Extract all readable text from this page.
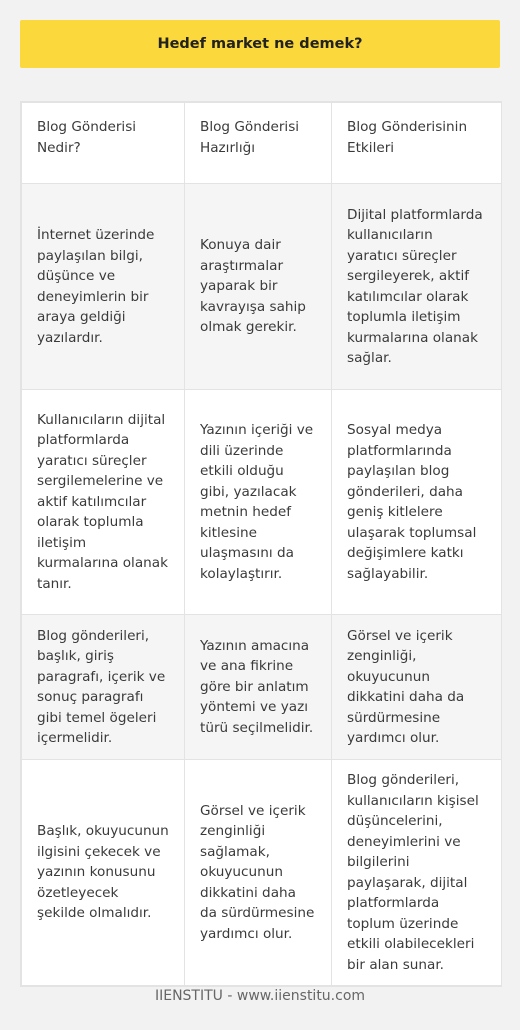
Hedef market ne demek?
Blog Gönderisi Nedir?	Blog Gönderisi Hazırlığı	Blog Gönderisinin Etkileri
İnternet üzerinde paylaşılan bilgi, düşünce ve deneyimlerin bir araya geldiği yazılardır.	Konuya dair araştırmalar yaparak bir kavrayışa sahip olmak gerekir.	Dijital platformlarda kullanıcıların yaratıcı süreçler sergileyerek, aktif katılımcılar olarak toplumla iletişim kurmalarına olanak sağlar.
Kullanıcıların dijital platformlarda yaratıcı süreçler sergilemelerine ve aktif katılımcılar olarak toplumla iletişim kurmalarına olanak tanır.	Yazının içeriği ve dili üzerinde etkili olduğu gibi, yazılacak metnin hedef kitlesine ulaşmasını da kolaylaştırır.	Sosyal medya platformlarında paylaşılan blog gönderileri, daha geniş kitlelere ulaşarak toplumsal değişimlere katkı sağlayabilir.
Blog gönderileri, başlık, giriş paragrafı, içerik ve sonuç paragrafı gibi temel ögeleri içermelidir.	Yazının amacına ve ana fikrine göre bir anlatım yöntemi ve yazı türü seçilmelidir.	Görsel ve içerik zenginliği, okuyucunun dikkatini daha da sürdürmesine yardımcı olur.
Başlık, okuyucunun ilgisini çekecek ve yazının konusunu özetleyecek şekilde olmalıdır.	Görsel ve içerik zenginliği sağlamak, okuyucunun dikkatini daha da sürdürmesine yardımcı olur.	Blog gönderileri, kullanıcıların kişisel düşüncelerini, deneyimlerini ve bilgilerini paylaşarak, dijital platformlarda toplum üzerinde etkili olabilecekleri bir alan sunar.
IIENSTITU - www.iienstitu.com
